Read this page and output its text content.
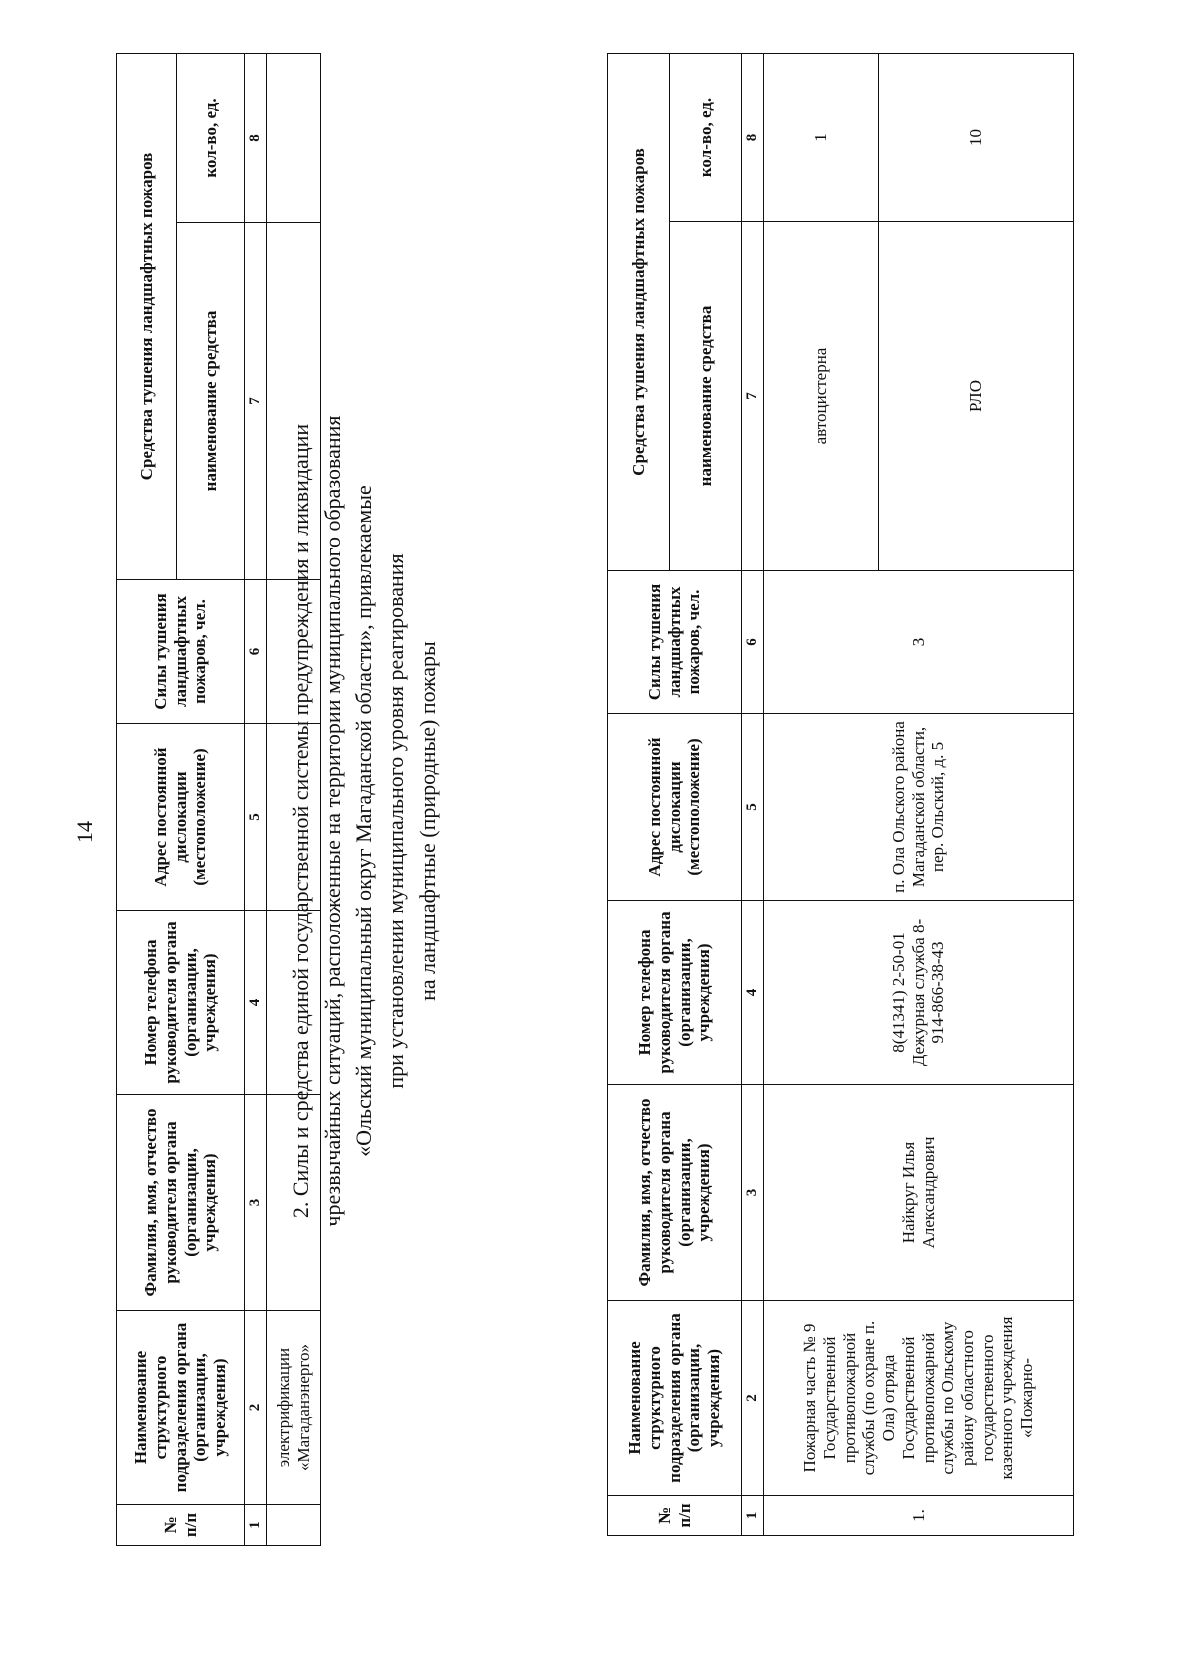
14
№ п/п	Наименование структурного подразделения органа (организации, учреждения)	Фамилия, имя, отчество руководителя органа (организации, учреждения)	Номер телефона руководителя органа (организации, учреждения)	Адрес постоянной дислокации (местоположение)	Силы тушения ландшафтных пожаров, чел.	Средства тушения ландшафтных пожаров	
						наименование средства	кол-во, ед.
1	2	3	4	5	6	7	8
	электрификации «Магаданэнерго»						
2. Силы и средства единой государственной системы предупреждения и ликвидации чрезвычайных ситуаций, расположенные на территории муниципального образования «Ольский муниципальный округ Магаданской области», привлекаемые при установлении муниципального уровня реагирования на ландшафтные (природные) пожары
№ п/п	Наименование структурного подразделения органа (организации, учреждения)	Фамилия, имя, отчество руководителя органа (организации, учреждения)	Номер телефона руководителя органа (организации, учреждения)	Адрес постоянной дислокации (местоположение)	Силы тушения ландшафтных пожаров, чел.	Средства тушения ландшафтных пожаров	
						наименование средства	кол-во, ед.
1	2	3	4	5	6	7	8
1.	Пожарная часть № 9 Государственной противопожарной службы (по охране п. Ола) отряда Государственной противопожарной службы по Ольскому району областного государственного казенного учреждения «Пожарно-	Найкруг Илья Александрович	8(41341) 2-50-01 Дежурная служба 8-914-866-38-43	п. Ола Ольского района Магаданской области, пер. Ольский, д. 5	3	автоцистерна	1
						РЛО	10
